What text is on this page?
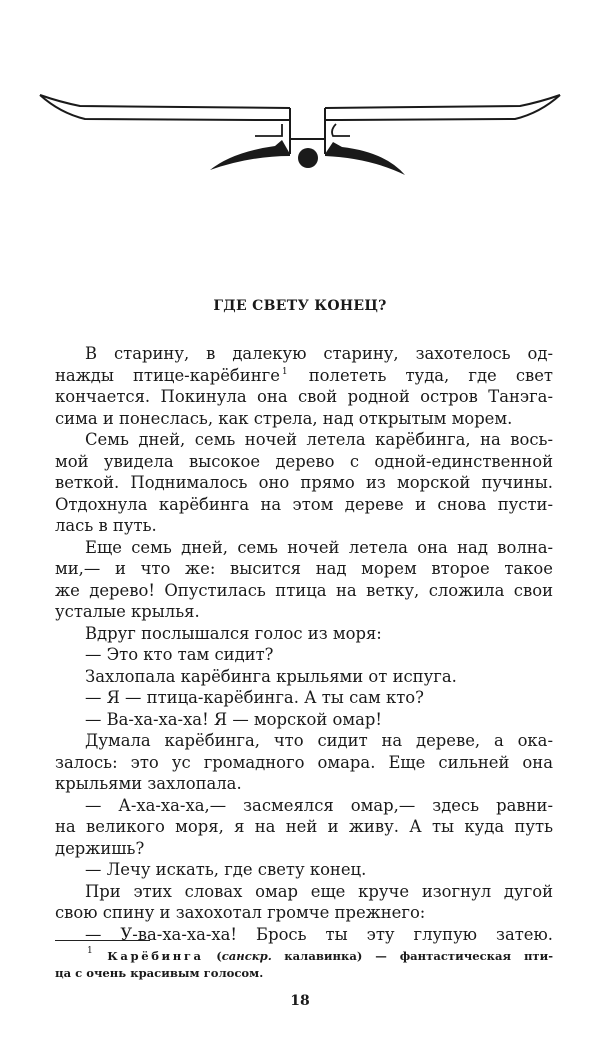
ГДЕ СВЕТУ КОНЕЦ?
В старину, в далекую старину, захотелось од-
нажды птице-карёбинге $^1$ полететь туда, где свет
кончается. Покинула она свой родной остров Танэга-
сима и понеслась, как стрела, над открытым морем.
Семь дней, семь ночей летела карёбинга, на вось-
мой увидела высокое дерево с одной-единственной
веткой. Поднималось оно прямо из морской пучины.
Отдохнула карёбинга на этом дереве и снова пусти-
лась в путь.
Еще семь дней, семь ночей летела она над волна-
ми,— и что же: высится над морем второе такое
же дерево! Опустилась птица на ветку, сложила свои
усталые крылья.
Вдруг послышался голос из моря:
— Это кто там сидит?
Захлопала карёбинга крыльями от испуга.
— Я — птица-карёбинга. А ты сам кто?
— Ва-ха-ха-ха! Я — морской омар!
Думала карёбинга, что сидит на дереве, а ока-
залось: это ус громадного омара. Еще сильней она
крыльями захлопала.
— А-ха-ха-ха,— засмеялся омар,— здесь равни-
на великого моря, я на ней и живу. А ты куда путь
держишь?
— Лечу искать, где свету конец.
При этих словах омар еще круче изогнул дугой
свою спину и захохотал громче прежнего:
— У-ва-ха-ха-ха! Брось ты эту глупую затею.
$^1$ Карёбинга (санскр. калавинка) — фантастическая пти-
ца с очень красивым голосом.
18
